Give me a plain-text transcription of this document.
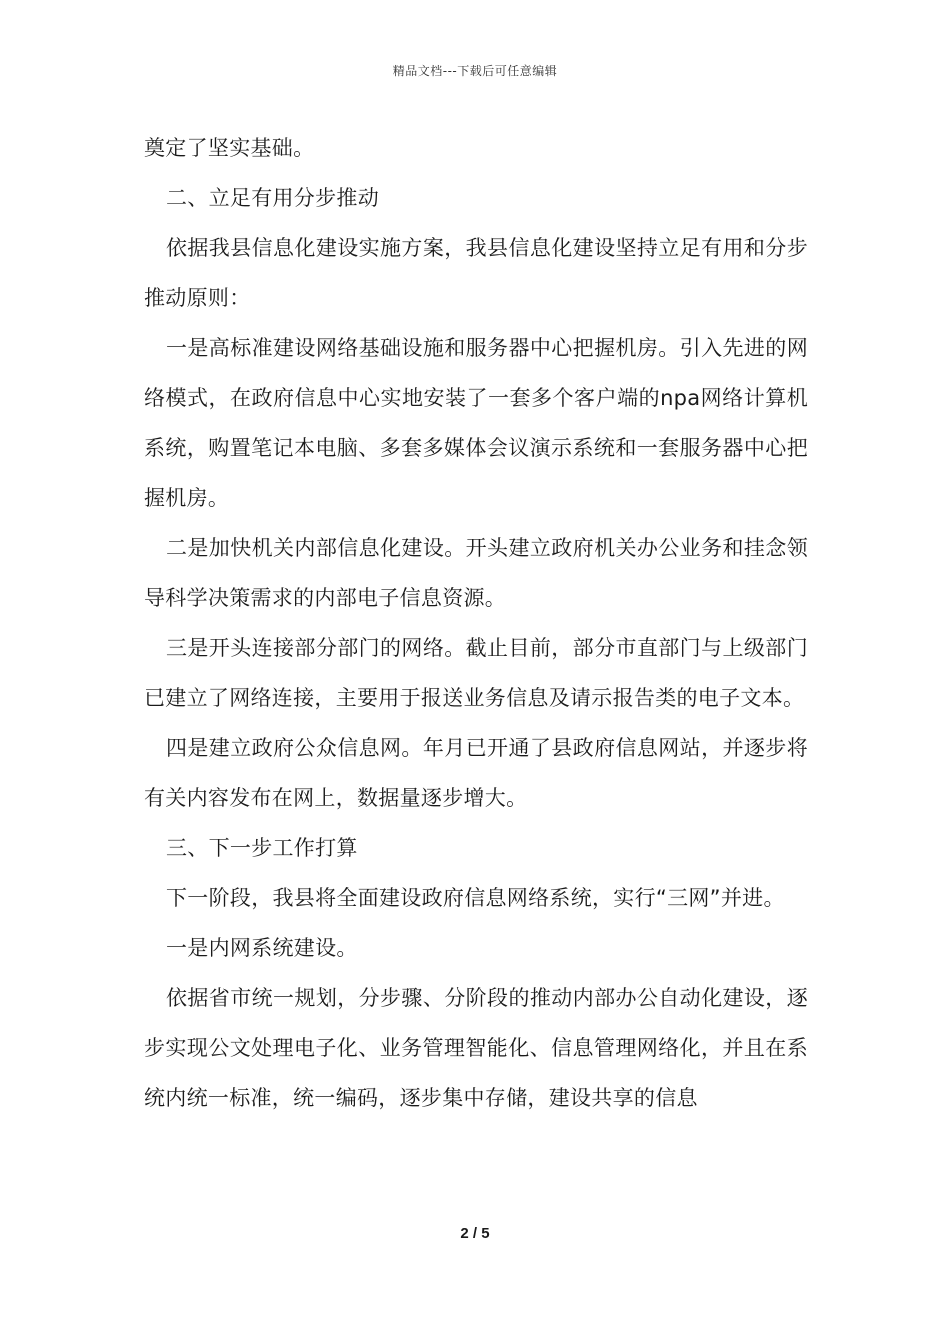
精品文档---下载后可任意编辑

奠定了坚实基础。

二、立足有用分步推动

依据我县信息化建设实施方案，我县信息化建设坚持立足有用和分步推动原则：

一是高标准建设网络基础设施和服务器中心把握机房。引入先进的网络模式，在政府信息中心实地安装了一套多个客户端的npa网络计算机系统，购置笔记本电脑、多套多媒体会议演示系统和一套服务器中心把握机房。

二是加快机关内部信息化建设。开头建立政府机关办公业务和挂念领导科学决策需求的内部电子信息资源。

三是开头连接部分部门的网络。截止目前，部分市直部门与上级部门已建立了网络连接，主要用于报送业务信息及请示报告类的电子文本。

四是建立政府公众信息网。年月已开通了县政府信息网站，并逐步将有关内容发布在网上，数据量逐步增大。

三、下一步工作打算

下一阶段，我县将全面建设政府信息网络系统，实行“三网”并进。

一是内网系统建设。

依据省市统一规划，分步骤、分阶段的推动内部办公自动化建设，逐步实现公文处理电子化、业务管理智能化、信息管理网络化，并且在系统内统一标准，统一编码，逐步集中存储，建设共享的信息

2 / 5
